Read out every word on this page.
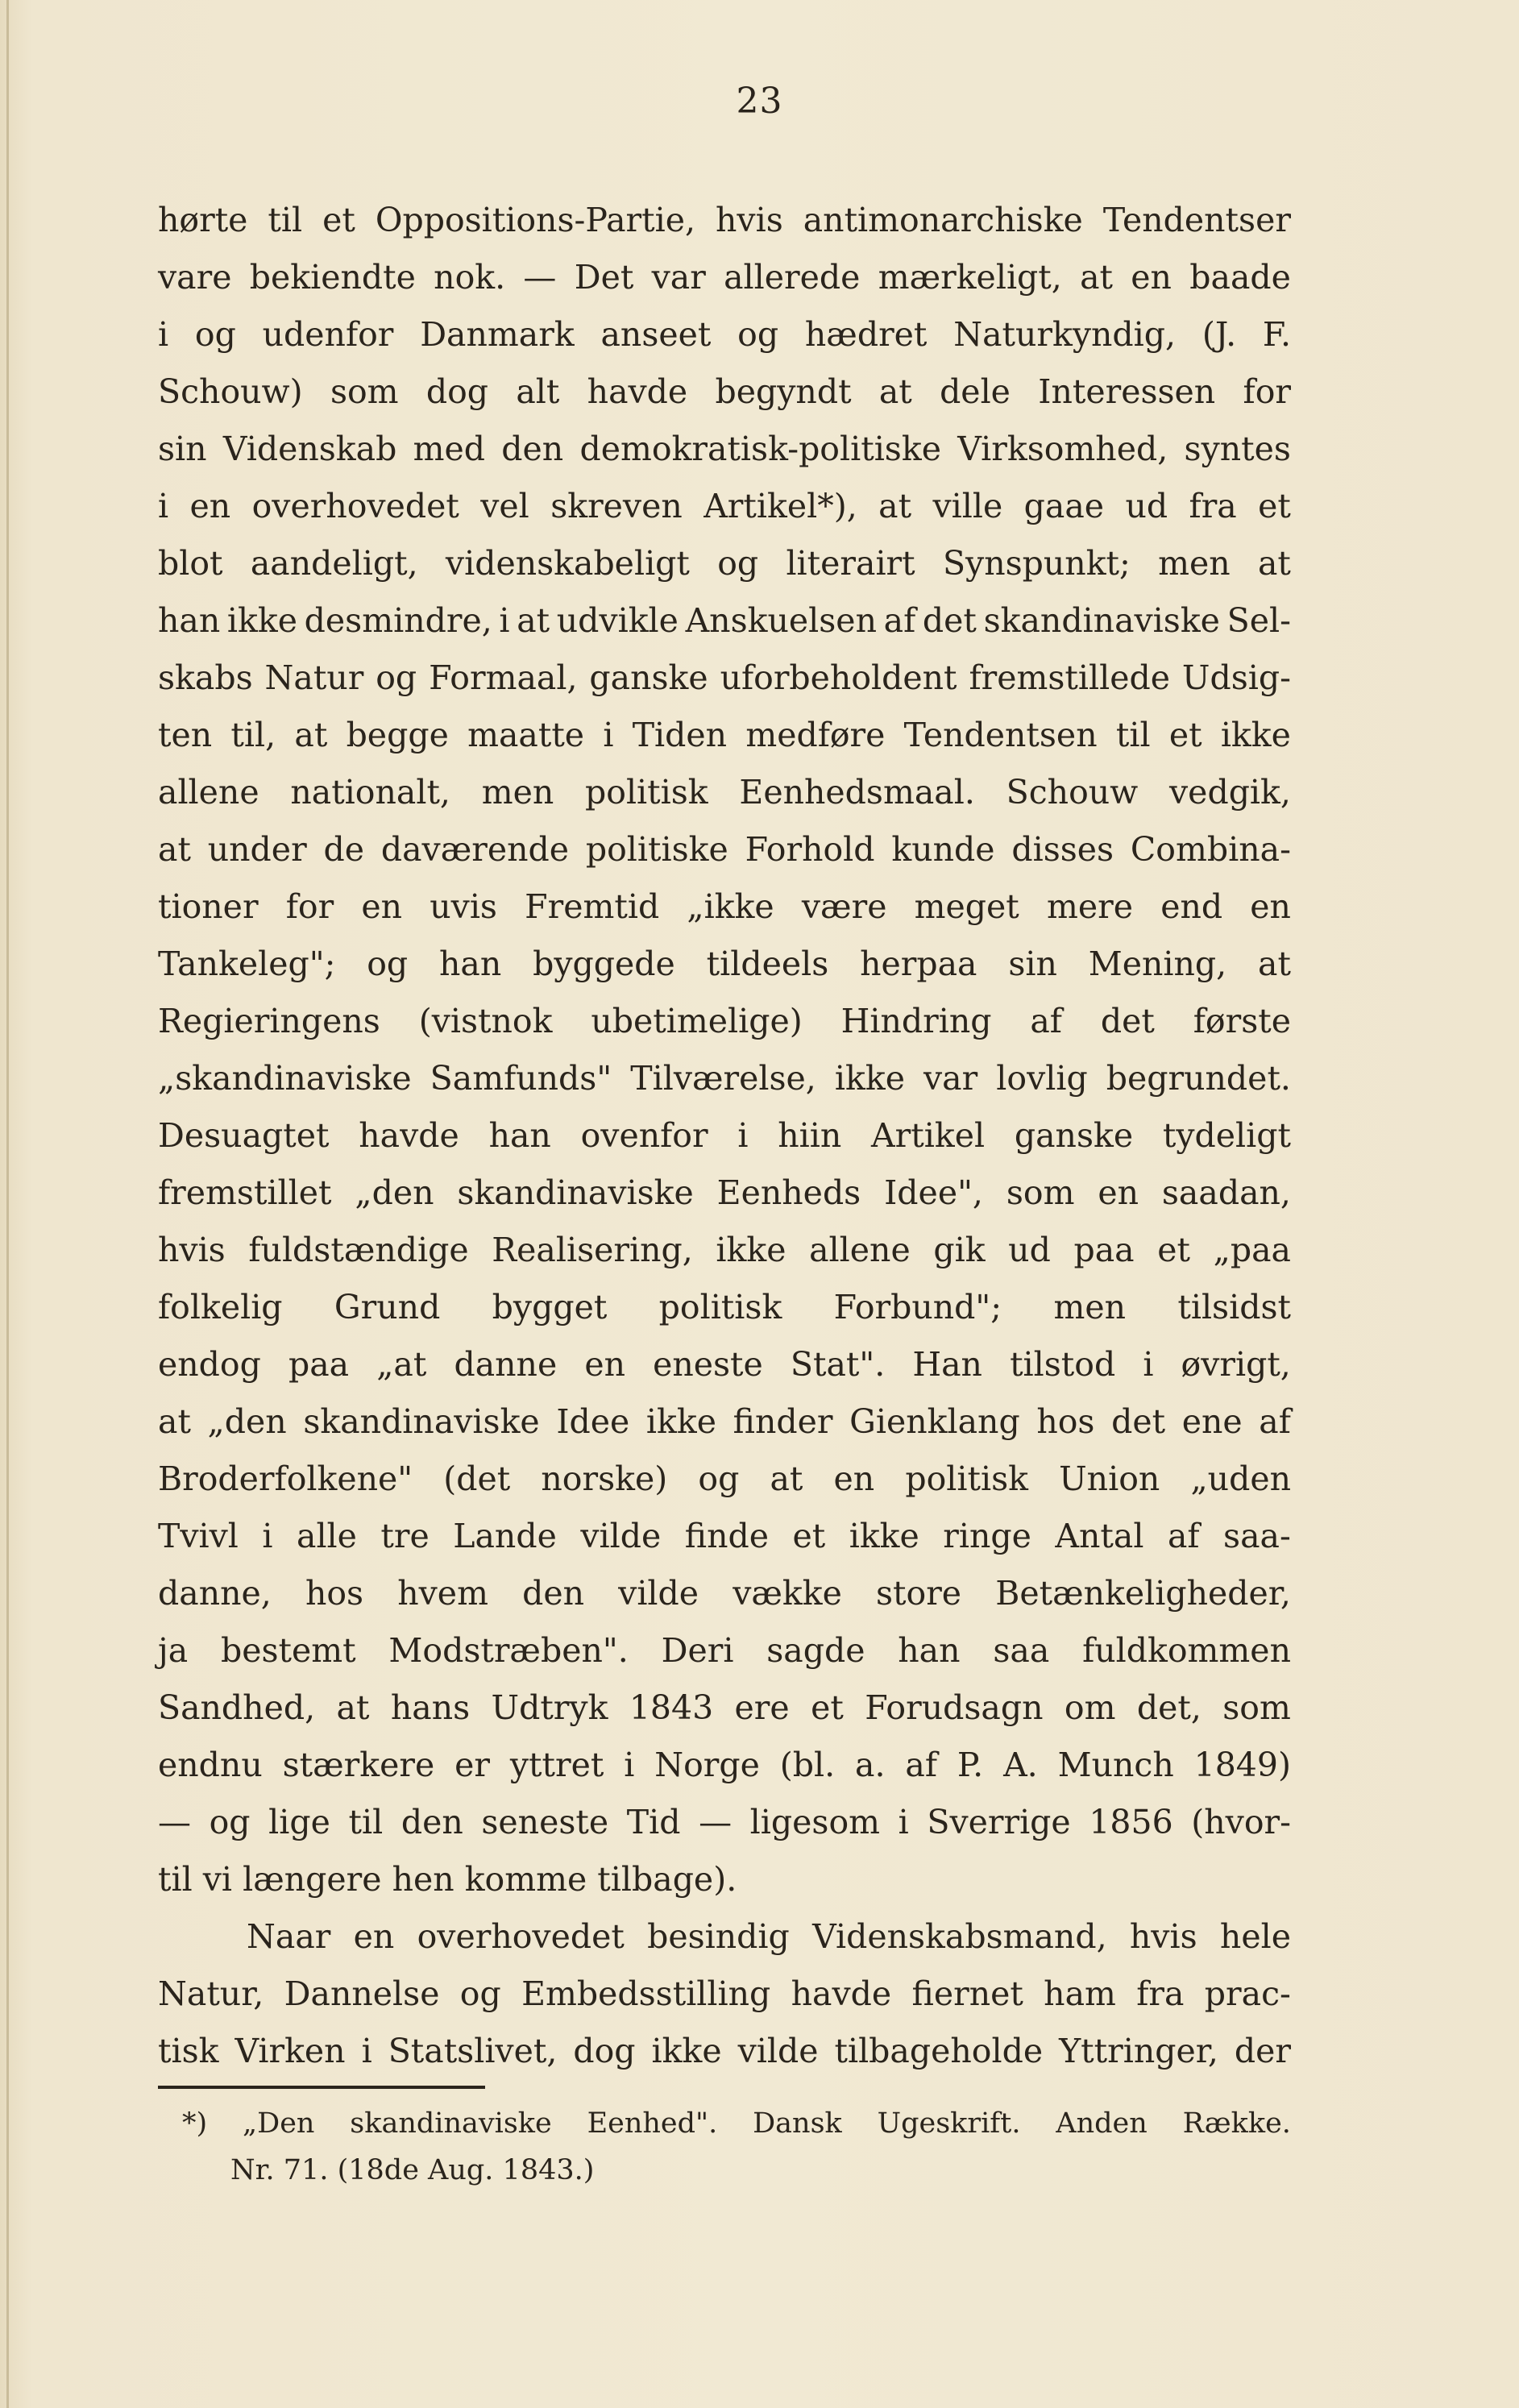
23
hørte til et Oppositions-Partie, hvis antimonarchiske Tendentser
vare bekiendte nok. — Det var allerede mærkeligt, at en baade
i og udenfor Danmark anseet og hædret Naturkyndig, (J. F.
Schouw) som dog alt havde begyndt at dele Interessen for
sin Videnskab med den demokratisk-politiske Virksomhed, syntes
i en overhovedet vel skreven Artikel*), at ville gaae ud fra et
blot aandeligt, videnskabeligt og literairt Synspunkt; men at
han ikke desmindre, i at udvikle Anskuelsen af det skandinaviske Sel-
skabs Natur og Formaal, ganske uforbeholdent fremstillede Udsig-
ten til, at begge maatte i Tiden medføre Tendentsen til et ikke
allene nationalt, men politisk Eenhedsmaal. Schouw vedgik,
at under de daværende politiske Forhold kunde disses Combina-
tioner for en uvis Fremtid „ikke være meget mere end en
Tankeleg"; og han byggede tildeels herpaa sin Mening, at
Regieringens (vistnok ubetimelige) Hindring af det første
„skandinaviske Samfunds" Tilværelse, ikke var lovlig begrundet.
Desuagtet havde han ovenfor i hiin Artikel ganske tydeligt
fremstillet „den skandinaviske Eenheds Idee", som en saadan,
hvis fuldstændige Realisering, ikke allene gik ud paa et „paa
folkelig Grund bygget politisk Forbund"; men tilsidst
endog paa „at danne en eneste Stat". Han tilstod i øvrigt,
at „den skandinaviske Idee ikke finder Gienklang hos det ene af
Broderfolkene" (det norske) og at en politisk Union „uden
Tvivl i alle tre Lande vilde finde et ikke ringe Antal af saa-
danne, hos hvem den vilde vække store Betænkeligheder,
ja bestemt Modstræben". Deri sagde han saa fuldkommen
Sandhed, at hans Udtryk 1843 ere et Forudsagn om det, som
endnu stærkere er yttret i Norge (bl. a. af P. A. Munch 1849)
— og lige til den seneste Tid — ligesom i Sverrige 1856 (hvor-
til
vi
længere
hen
komme
tilbage).
Naar en overhovedet besindig Videnskabsmand, hvis hele
Natur, Dannelse og Embedsstilling havde fiernet ham fra prac-
tisk Virken i Statslivet, dog ikke vilde tilbageholde Yttringer, der
*) „Den skandinaviske Eenhed". Dansk Ugeskrift. Anden Række.
Nr.
71.
(18de
Aug.
1843.)
